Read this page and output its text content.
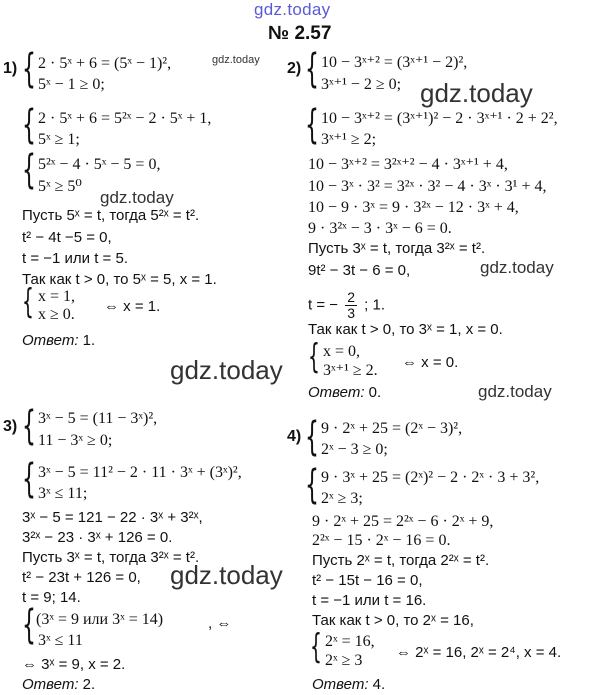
gdz.today
№ 2.57
1) { 2 · 5ˣ + 6 = (5ˣ − 1)²,
5ˣ − 1 ≥ 0;
{ 2 · 5ˣ + 6 = 5²ˣ − 2 · 5ˣ + 1,
5ˣ ≥ 1;
{ 5²ˣ − 4 · 5ˣ − 5 = 0,
5ˣ ≥ 5⁰
Пусть 5ˣ = t, тогда 5²ˣ = t².
t² − 4t −5 = 0,
t = −1 или t = 5.
Так как t > 0, то 5ˣ = 5, x = 1.
{ x = 1,
x ≥ 0. ⇔ x = 1.
Ответ: 1.
2) { 10 − 3ˣ⁺² = (3ˣ⁺¹ − 2)²,
3ˣ⁺¹ − 2 ≥ 0;
{ 10 − 3ˣ⁺² = (3ˣ⁺¹)² − 2 · 3ˣ⁺¹ · 2 + 2²,
3ˣ⁺¹ ≥ 2;
10 − 3ˣ⁺² = 3²ˣ⁺² − 4 · 3ˣ⁺¹ + 4,
10 − 3ˣ · 3² = 3²ˣ · 3² − 4 · 3ˣ · 3¹ + 4,
10 − 9 · 3ˣ = 9 · 3²ˣ − 12 · 3ˣ + 4,
9 · 3²ˣ − 3 · 3ˣ − 6 = 0.
Пусть 3ˣ = t, тогда 3²ˣ = t².
9t² − 3t − 6 = 0,
t = − $\frac{2}{3}$ ; 1.
Так как t > 0, то 3ˣ = 1, x = 0.
{ x = 0,
3ˣ⁺¹ ≥ 2. ⇔ x = 0.
Ответ: 0.
3) { 3ˣ − 5 = (11 − 3ˣ)²,
11 − 3ˣ ≥ 0;
{ 3ˣ − 5 = 11² − 2 · 11 · 3ˣ + (3ˣ)²,
3ˣ ≤ 11;
3ˣ − 5 = 121 − 22 · 3ˣ + 3²ˣ,
3²ˣ − 23 · 3ˣ + 126 = 0.
Пусть 3ˣ = t, тогда 3²ˣ = t².
t² − 23t + 126 = 0,
t = 9; 14.
{ (3ˣ = 9 или 3ˣ = 14)	, ⇔
3ˣ ≤ 11
⇔ 3ˣ = 9, x = 2.
Ответ: 2.
4) { 9 · 2ˣ + 25 = (2ˣ − 3)²,
2ˣ − 3 ≥ 0;
{ 9 · 3ˣ + 25 = (2ˣ)² − 2 · 2ˣ · 3 + 3²,
2ˣ ≥ 3;
9 · 2ˣ + 25 = 2²ˣ − 6 · 2ˣ + 9,
2²ˣ − 15 · 2ˣ − 16 = 0.
Пусть 2ˣ = t, тогда 2²ˣ = t².
t² − 15t − 16 = 0,
t = −1 или t = 16.
Так как t > 0, то 2ˣ = 16,
{ 2ˣ = 16,
2ˣ ≥ 3 ⇔ 2ˣ = 16, 2ˣ = 2⁴, x = 4.
Ответ: 4.
gdz.today
gdz.today
gdz.today
gdz.today
gdz.today
gdz.today
gdz.today
